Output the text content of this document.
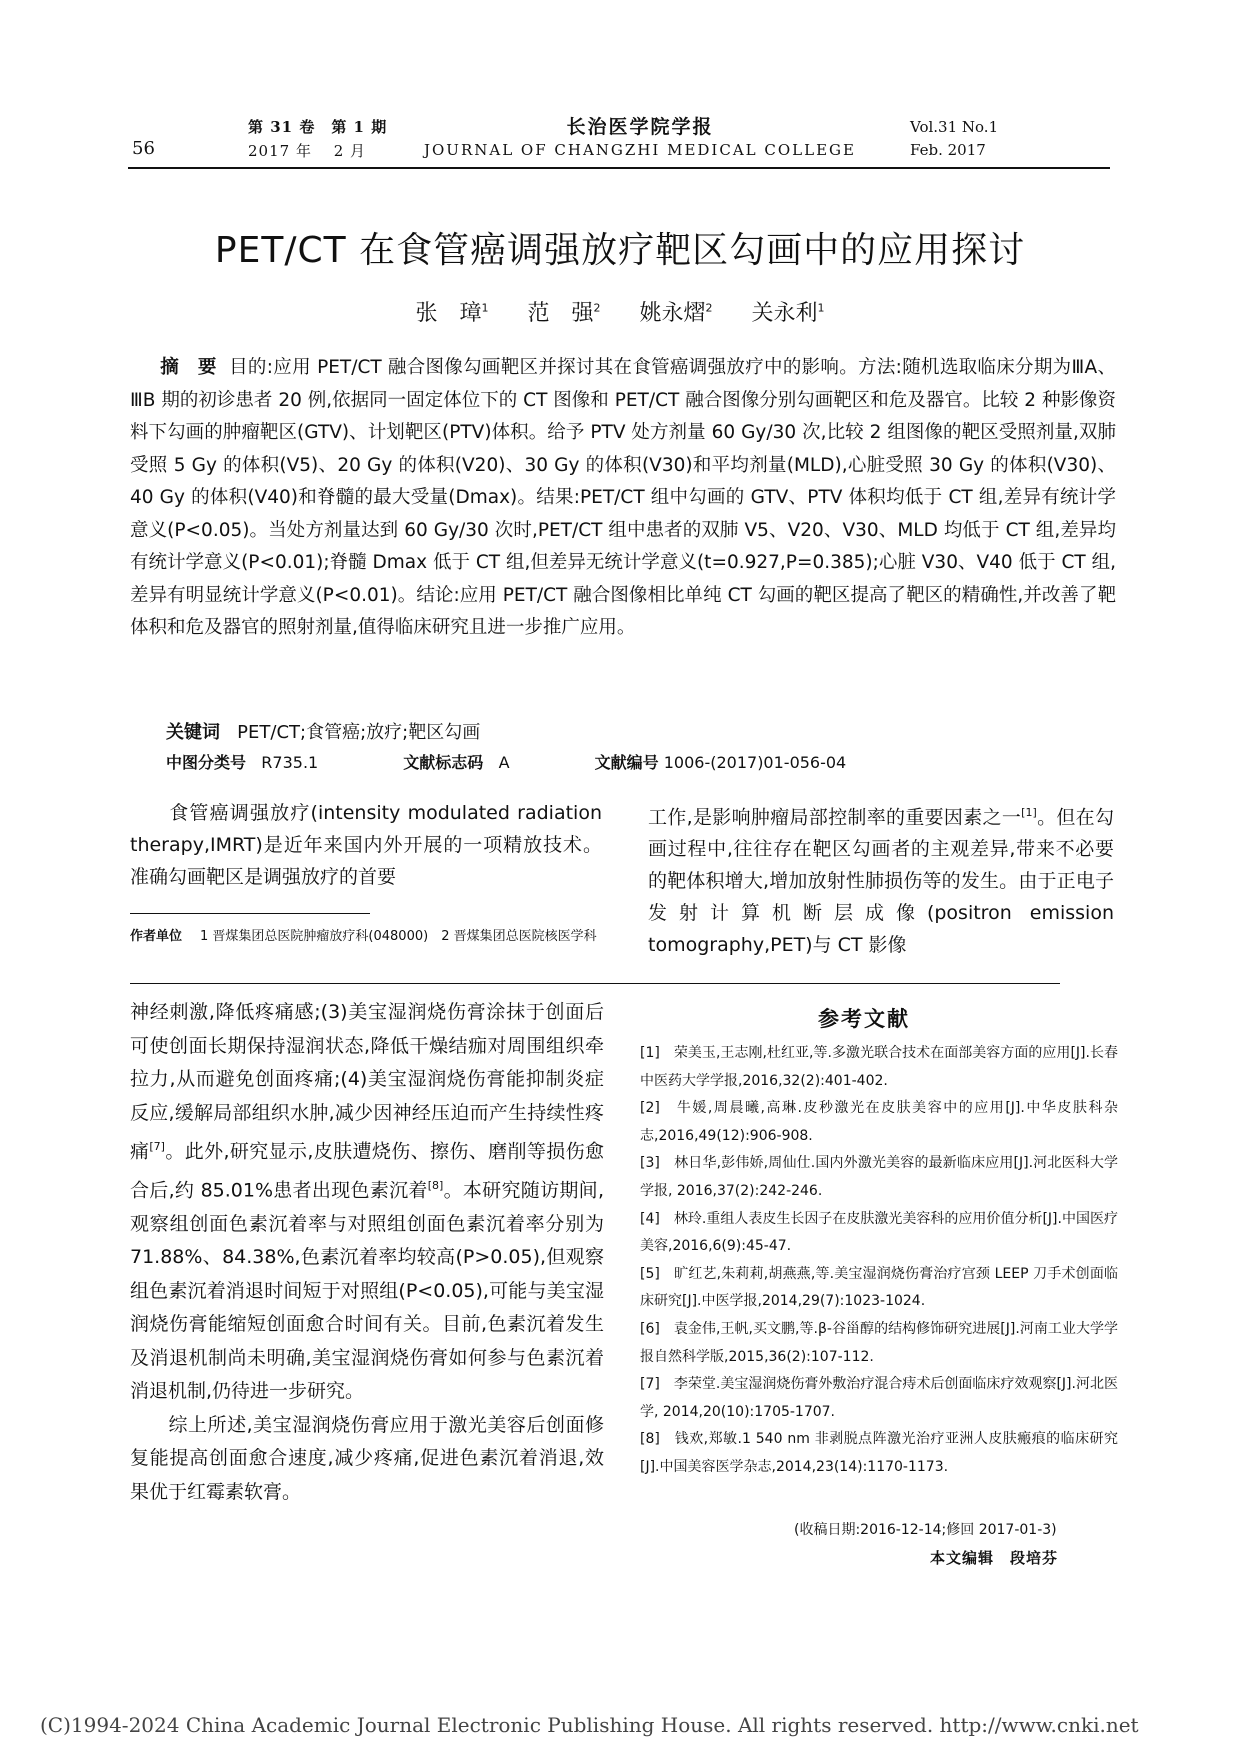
56
第 31 卷　第 1 期
2017 年　 2 月
长治医学院学报
JOURNAL OF CHANGZHI MEDICAL COLLEGE
Vol.31 No.1
Feb. 2017
PET/CT 在食管癌调强放疗靶区勾画中的应用探讨
张　璋$^1$ 范　强$^2$ 姚永熠$^2$ 关永利$^1$
摘　要 目的:应用 PET/CT 融合图像勾画靶区并探讨其在食管癌调强放疗中的影响。方法:随机选取临床分期为ⅢA、ⅢB 期的初诊患者 20 例,依据同一固定体位下的 CT 图像和 PET/CT 融合图像分别勾画靶区和危及器官。比较 2 种影像资料下勾画的肿瘤靶区(GTV)、计划靶区(PTV)体积。给予 PTV 处方剂量 60 Gy/30 次,比较 2 组图像的靶区受照剂量,双肺受照 5 Gy 的体积(V5)、20 Gy 的体积(V20)、30 Gy 的体积(V30)和平均剂量(MLD),心脏受照 30 Gy 的体积(V30)、40 Gy 的体积(V40)和脊髓的最大受量(Dmax)。结果:PET/CT 组中勾画的 GTV、PTV 体积均低于 CT 组,差异有统计学意义(P<0.05)。当处方剂量达到 60 Gy/30 次时,PET/CT 组中患者的双肺 V5、V20、V30、MLD 均低于 CT 组,差异均有统计学意义(P<0.01);脊髓 Dmax 低于 CT 组,但差异无统计学意义(t=0.927,P=0.385);心脏 V30、V40 低于 CT 组,差异有明显统计学意义(P<0.01)。结论:应用 PET/CT 融合图像相比单纯 CT 勾画的靶区提高了靶区的精确性,并改善了靶体积和危及器官的照射剂量,值得临床研究且进一步推广应用。
关键词 PET/CT;食管癌;放疗;靶区勾画
中图分类号 R735.1	文献标志码 A	文献编号 1006-(2017)01-056-04
食管癌调强放疗(intensity modulated radiation therapy,IMRT)是近年来国内外开展的一项精放技术。准确勾画靶区是调强放疗的首要
工作,是影响肿瘤局部控制率的重要因素之一[1]。但在勾画过程中,往往存在靶区勾画者的主观差异,带来不必要的靶体积增大,增加放射性肺损伤等的发生。由于正电子发射计算机断层成像(positron emission tomography,PET)与 CT 影像
作者单位 1 晋煤集团总医院肿瘤放疗科(048000)　2 晋煤集团总医院核医学科
神经刺激,降低疼痛感;(3)美宝湿润烧伤膏涂抹于创面后可使创面长期保持湿润状态,降低干燥结痂对周围组织牵拉力,从而避免创面疼痛;(4)美宝湿润烧伤膏能抑制炎症反应,缓解局部组织水肿,减少因神经压迫而产生持续性疼痛[7]。此外,研究显示,皮肤遭烧伤、擦伤、磨削等损伤愈合后,约 85.01%患者出现色素沉着[8]。本研究随访期间,观察组创面色素沉着率与对照组创面色素沉着率分别为 71.88%、84.38%,色素沉着率均较高(P>0.05),但观察组色素沉着消退时间短于对照组(P<0.05),可能与美宝湿润烧伤膏能缩短创面愈合时间有关。目前,色素沉着发生及消退机制尚未明确,美宝湿润烧伤膏如何参与色素沉着消退机制,仍待进一步研究。
综上所述,美宝湿润烧伤膏应用于激光美容后创面修复能提高创面愈合速度,减少疼痛,促进色素沉着消退,效果优于红霉素软膏。
参考文献

[1]　荣美玉,王志刚,杜红亚,等.多激光联合技术在面部美容方面的应用[J].长春中医药大学学报,2016,32(2):401-402.

[2]　牛媛,周晨曦,高琳.皮秒激光在皮肤美容中的应用[J].中华皮肤科杂志,2016,49(12):906-908.

[3]　林日华,彭伟娇,周仙仕.国内外激光美容的最新临床应用[J].河北医科大学学报, 2016,37(2):242-246.

[4]　林玲.重组人表皮生长因子在皮肤激光美容科的应用价值分析[J].中国医疗美容,2016,6(9):45-47.

[5]　旷红艺,朱莉莉,胡燕燕,等.美宝湿润烧伤膏治疗宫颈 LEEP 刀手术创面临床研究[J].中医学报,2014,29(7):1023-1024.

[6]　袁金伟,王帆,买文鹏,等.β-谷甾醇的结构修饰研究进展[J].河南工业大学学报自然科学版,2015,36(2):107-112.

[7]　李荣堂.美宝湿润烧伤膏外敷治疗混合痔术后创面临床疗效观察[J].河北医学, 2014,20(10):1705-1707.

[8]　钱欢,郑敏.1 540 nm 非剥脱点阵激光治疗亚洲人皮肤瘢痕的临床研究[J].中国美容医学杂志,2014,23(14):1170-1173.

(收稿日期:2016-12-14;修回 2017-01-3)
本文编辑　段培芬
(C)1994-2024 China Academic Journal Electronic Publishing House. All rights reserved. http://www.cnki.net
